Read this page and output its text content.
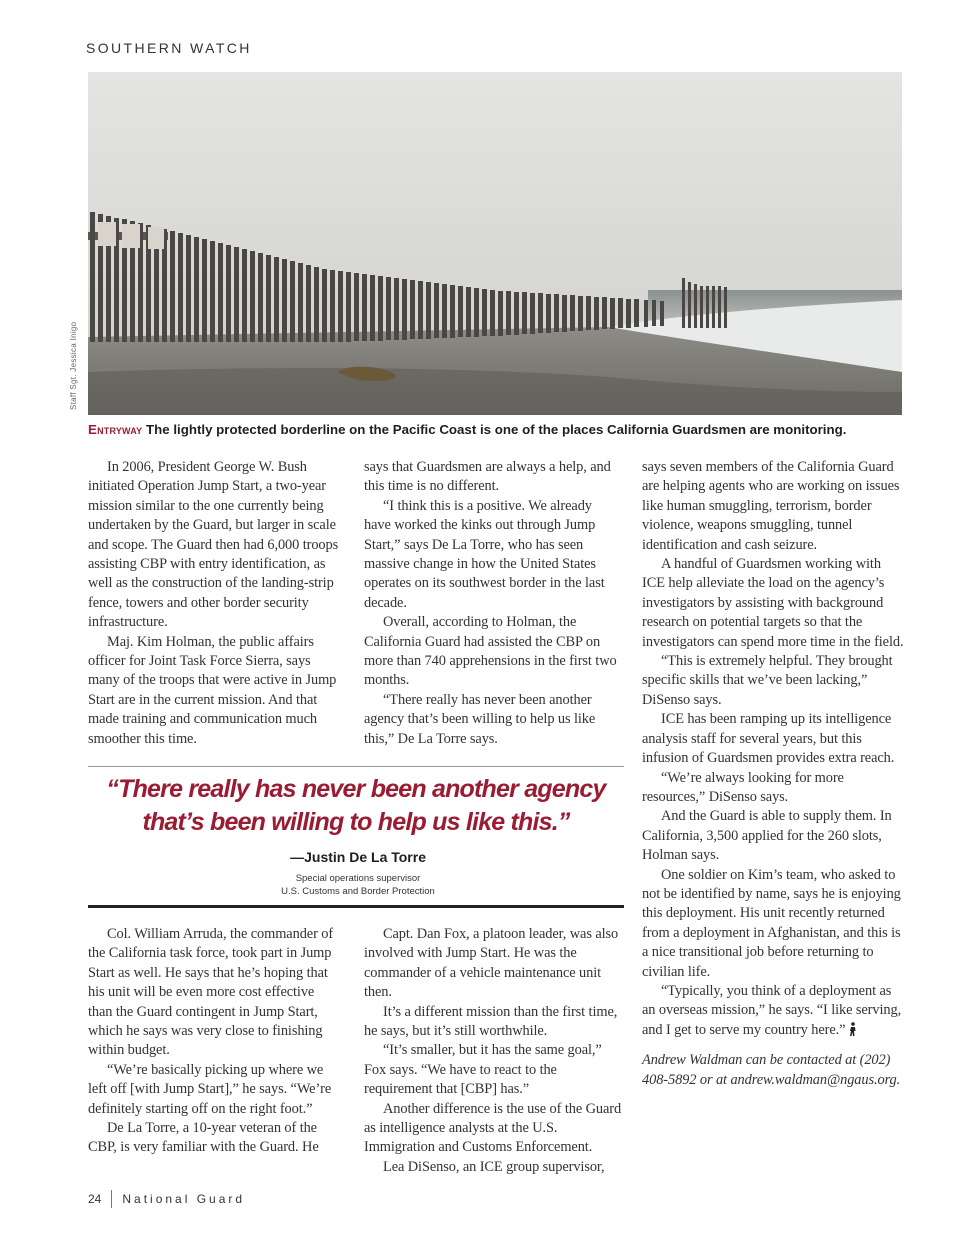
SOUTHERN WATCH
Staff Sgt. Jessica Inigo
Entryway The lightly protected borderline on the Pacific Coast is one of the places California Guardsmen are monitoring.

In 2006, President George W. Bush initiated Operation Jump Start, a two-year mission similar to the one currently being undertaken by the Guard, but larger in scale and scope. The Guard then had 6,000 troops assisting CBP with entry identification, as well as the construction of the landing-strip fence, towers and other border security infrastructure.

Maj. Kim Holman, the public affairs officer for Joint Task Force Sierra, says many of the troops that were active in Jump Start are in the current mission. And that made training and communication much smoother this time.

says that Guardsmen are always a help, and this time is no different.

“I think this is a positive. We already have worked the kinks out through Jump Start,” says De La Torre, who has seen massive change in how the United States operates on its southwest border in the last decade.

Overall, according to Holman, the California Guard had assisted the CBP on more than 740 apprehensions in the first two months.

“There really has never been another agency that’s been willing to help us like this,” De La Torre says.

“There really has never been another agency
that’s been willing to help us like this.”
—Justin De La Torre
Special operations supervisor
U.S. Customs and Border Protection

Col. William Arruda, the commander of the California task force, took part in Jump Start as well. He says that he’s hoping that his unit will be even more cost effective than the Guard contingent in Jump Start, which he says was very close to finishing within budget.

“We’re basically picking up where we left off [with Jump Start],” he says. “We’re definitely starting off on the right foot.”

De La Torre, a 10-year veteran of the CBP, is very familiar with the Guard. He

Capt. Dan Fox, a platoon leader, was also involved with Jump Start. He was the commander of a vehicle maintenance unit then.

It’s a different mission than the first time, he says, but it’s still worthwhile.

“It’s smaller, but it has the same goal,” Fox says. “We have to react to the requirement that [CBP] has.”

Another difference is the use of the Guard as intelligence analysts at the U.S. Immigration and Customs Enforcement.

Lea DiSenso, an ICE group supervisor,

says seven members of the California Guard are helping agents who are working on issues like human smuggling, terrorism, border violence, weapons smuggling, tunnel identification and cash seizure.

A handful of Guardsmen working with ICE help alleviate the load on the agency’s investigators by assisting with background research on potential targets so that the investigators can spend more time in the field.

“This is extremely helpful. They brought specific skills that we’ve been lacking,” DiSenso says.

ICE has been ramping up its intelligence analysis staff for several years, but this infusion of Guardsmen provides extra reach.

“We’re always looking for more resources,” DiSenso says.

And the Guard is able to supply them. In California, 3,500 applied for the 260 slots, Holman says.

One soldier on Kim’s team, who asked to not be identified by name, says he is enjoying this deployment. His unit recently returned from a deployment in Afghanistan, and this is a nice transitional job before returning to civilian life.

“Typically, you think of a deployment as an overseas mission,” he says. “I like serving, and I get to serve my country here.”

Andrew Waldman can be contacted at (202) 408-5892 or at andrew.waldman@ngaus.org.

24 National Guard
